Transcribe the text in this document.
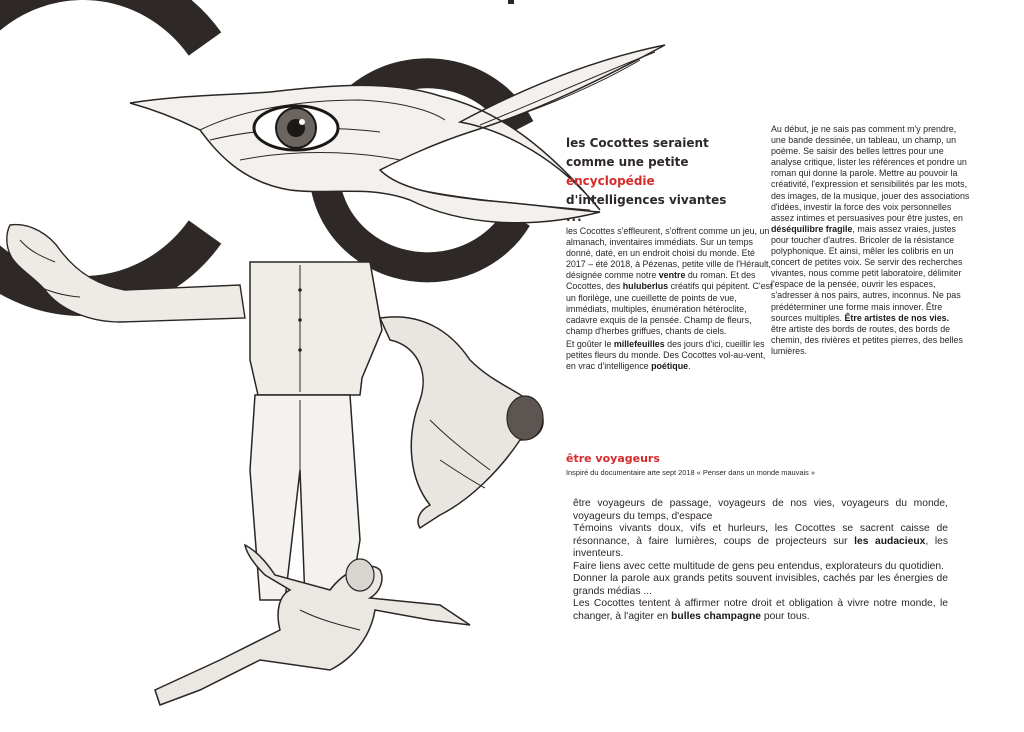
les Cocottes seraient
comme une petite
encyclopédie
d'intelligences vivantes
...

les Cocottes s'effleurent, s'offrent comme un jeu, un almanach, inventaires immédiats. Sur un temps donné, daté, en un endroit choisi du monde. Eté 2017 – été 2018, à Pézenas, petite ville de l'Hérault, désignée comme notre ventre du roman. Et des Cocottes, des huluberlus créatifs qui pépitent. C'est un florilège, une cueillette de points de vue, immédiats, multiples, énumération hétéroclite, cadavre exquis de la pensée. Champ de fleurs, champ d'herbes griffues, chants de ciels.

Et goûter le millefeuilles des jours d'ici, cueillir les petites fleurs du monde. Des Cocottes vol-au-vent, en vrac d'intelligence poétique.

Au début, je ne sais pas comment m'y prendre, une bande dessinée, un tableau, un champ, un poème. Se saisir des belles lettres pour une analyse critique, lister les références et pondre un roman qui donne la parole. Mettre au pouvoir la créativité, l'expression et sensibilités par les mots, des images, de la musique, jouer des associations d'idées, investir la force des voix personnelles assez intimes et persuasives pour être justes, en déséquilibre fragile, mais assez vraies, justes pour toucher d'autres. Bricoler de la résistance polyphonique. Et ainsi, mêler les colibris en un concert de petites voix. Se servir des recherches vivantes, nous comme petit laboratoire, délimiter l'espace de la pensée, ouvrir les espaces, s'adresser à nos pairs, autres, inconnus. Ne pas prédéterminer une forme mais innover. Être sources multiples. Être artistes de nos vies.

être artiste des bords de routes, des bords de chemin, des rivières et petites pierres, des belles lumières.

être voyageurs
Inspiré du documentaire arte sept 2018 « Penser dans un monde mauvais »

être voyageurs de passage, voyageurs de nos vies, voyageurs du monde, voyageurs du temps, d'espace

Témoins vivants doux, vifs et hurleurs, les Cocottes se sacrent caisse de résonnance, à faire lumières, coups de projecteurs sur les audacieux, les inventeurs.

Faire liens avec cette multitude de gens peu entendus, explorateurs du quotidien.

Donner la parole aux grands petits souvent invisibles, cachés par les énergies de grands médias ...

Les Cocottes tentent à affirmer notre droit et obligation à vivre notre monde, le changer, à l'agiter en bulles champagne pour tous.
